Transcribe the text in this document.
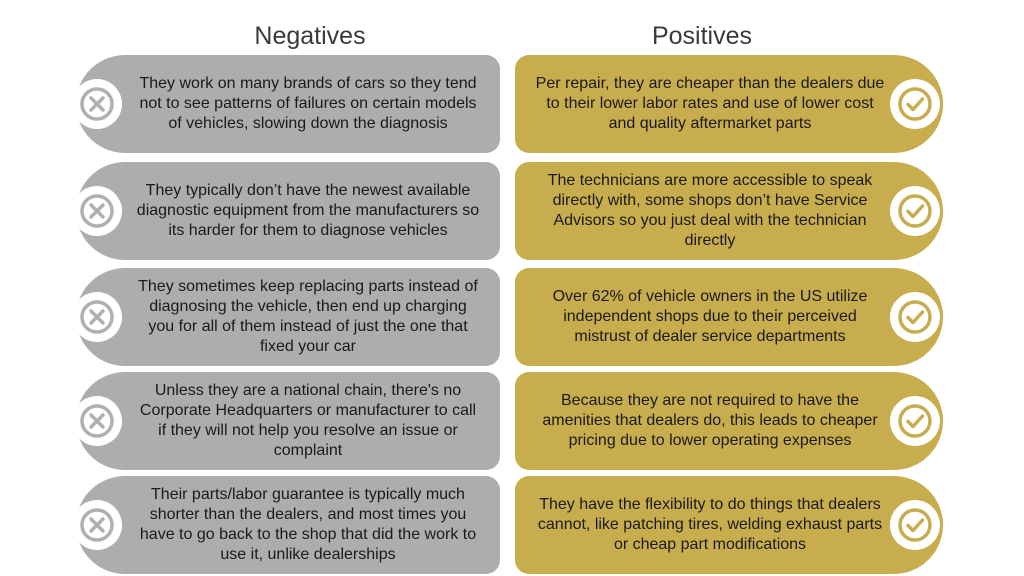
Negatives	Positives
They work on many brands of cars so they tend not to see patterns of failures on certain models of vehicles, slowing down the diagnosis
Per repair, they are cheaper than the dealers due to their lower labor rates and use of lower cost and quality aftermarket parts
They typically don’t have the newest available diagnostic equipment from the manufacturers so its harder for them to diagnose vehicles
The technicians are more accessible to speak directly with, some shops don’t have Service Advisors so you just deal with the technician directly
They sometimes keep replacing parts instead of diagnosing the vehicle, then end up charging you for all of them instead of just the one that fixed your car
Over 62% of vehicle owners in the US utilize independent shops due to their perceived mistrust of dealer service departments
Unless they are a national chain, there's no Corporate Headquarters or manufacturer to call if they will not help you resolve an issue or complaint
Because they are not required to have the amenities that dealers do, this leads to cheaper pricing due to lower operating expenses
Their parts/labor guarantee is typically much shorter than the dealers, and most times you have to go back to the shop that did the work to use it, unlike dealerships
They have the flexibility to do things that dealers cannot, like patching tires, welding exhaust parts or cheap part modifications
